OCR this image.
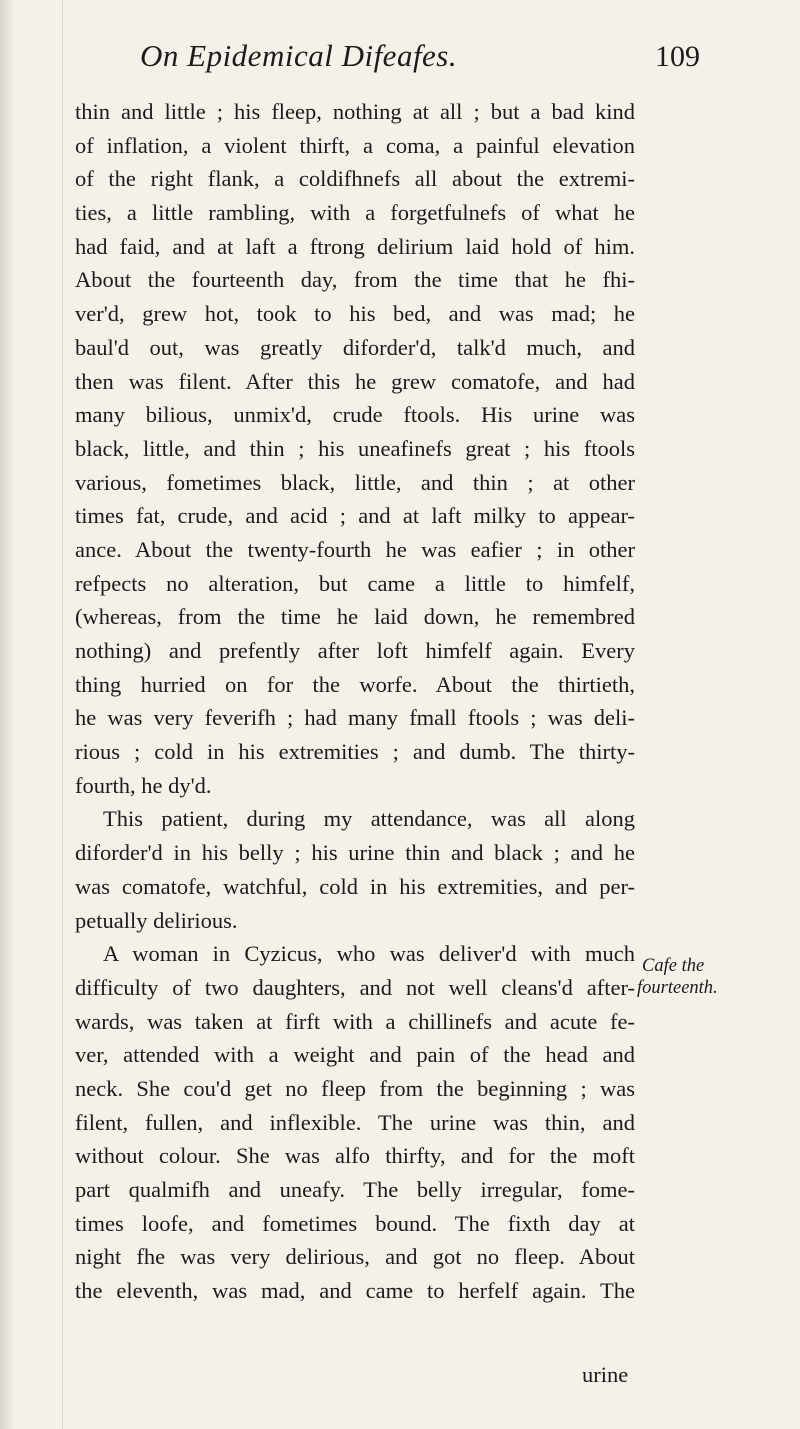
On Epidemical Difeafes.	109
thin and little ; his fleep, nothing at all ; but a bad kind
of inflation, a violent thirft, a coma, a painful elevation
of the right flank, a coldifhnefs all about the extremi-
ties, a little rambling, with a forgetfulnefs of what he
had faid, and at laft a ftrong delirium laid hold of him.
About the fourteenth day, from the time that he fhi-
ver'd, grew hot, took to his bed, and was mad; he
baul'd out, was greatly diforder'd, talk'd much, and
then was filent. After this he grew comatofe, and had
many bilious, unmix'd, crude ftools. His urine was
black, little, and thin ; his uneafinefs great ; his ftools
various, fometimes black, little, and thin ; at other
times fat, crude, and acid ; and at laft milky to appear-
ance. About the twenty-fourth he was eafier ; in other
refpects no alteration, but came a little to himfelf,
(whereas, from the time he laid down, he remembred
nothing) and prefently after loft himfelf again. Every
thing hurried on for the worfe. About the thirtieth,
he was very feverifh ; had many fmall ftools ; was deli-
rious ; cold in his extremities ; and dumb. The thirty-
fourth, he dy'd.
This patient, during my attendance, was all along
diforder'd in his belly ; his urine thin and black ; and he
was comatofe, watchful, cold in his extremities, and per-
petually delirious.
A woman in Cyzicus, who was deliver'd with much
difficulty of two daughters, and not well cleans'd after-
wards, was taken at firft with a chillinefs and acute fe-
ver, attended with a weight and pain of the head and
neck. She cou'd get no fleep from the beginning ; was
filent, fullen, and inflexible. The urine was thin, and
without colour. She was alfo thirfty, and for the moft
part qualmifh and uneafy. The belly irregular, fome-
times loofe, and fometimes bound. The fixth day at
night fhe was very delirious, and got no fleep. About
the eleventh, was mad, and came to herfelf again. The
Cafe the
fourteenth.
urine
